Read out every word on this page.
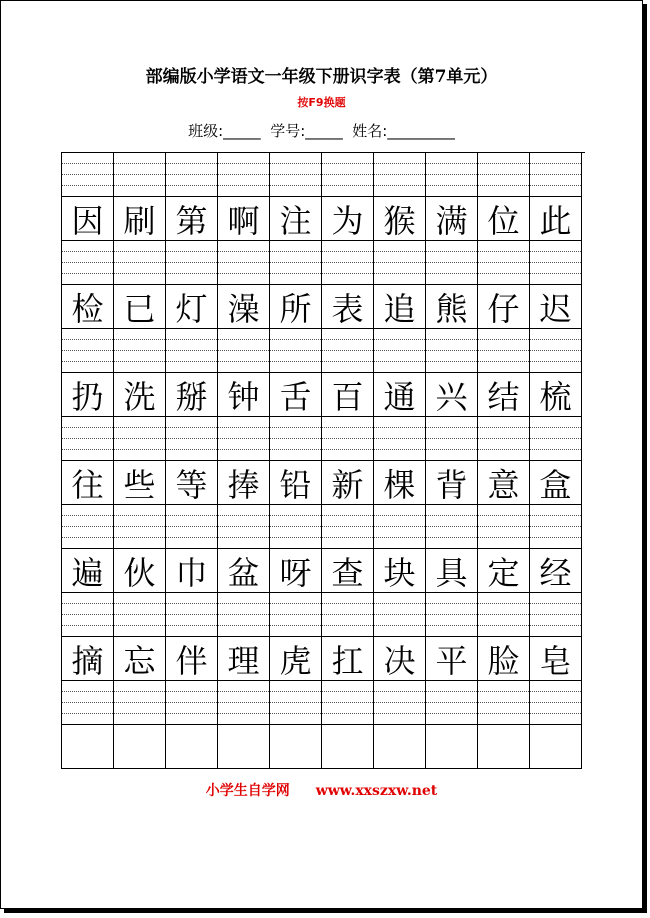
部编版小学语文一年级下册识字表（第7单元）
按F9换题
班级:_____  学号:_____  姓名:_________
因 刷 第 啊 注 为 猴 满 位 此
检 已 灯 澡 所 表 追 熊 仔 迟
扔 洗 掰 钟 舌 百 通 兴 结 梳
往 些 等 捧 铅 新 棵 背 意 盒
遍 伙 巾 盆 呀 查 块 具 定 经
摘 忘 伴 理 虎 扛 决 平 脸 皂
小学生自学网 www.xxszxw.net
